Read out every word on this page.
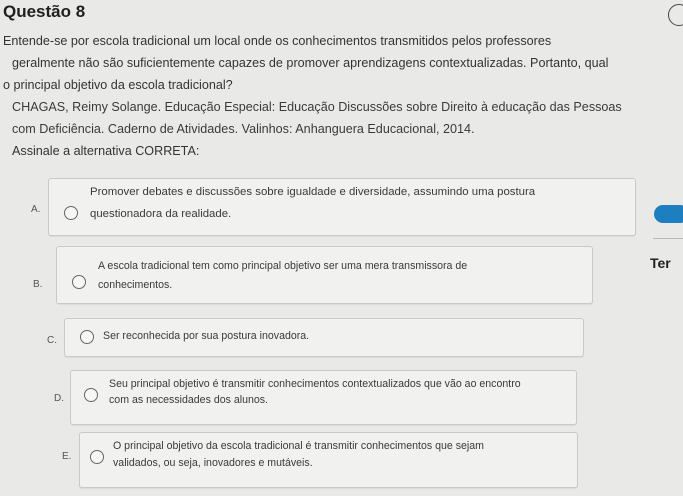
Questão 8

Entende-se por escola tradicional um local onde os conhecimentos transmitidos pelos professores

geralmente não são suficientemente capazes de promover aprendizagens contextualizadas. Portanto, qual

o principal objetivo da escola tradicional?

CHAGAS, Reimy Solange. Educação Especial: Educação Discussões sobre Direito à educação das Pessoas

com Deficiência. Caderno de Atividades. Valinhos: Anhanguera Educacional, 2014.

Assinale a alternativa CORRETA:

A.
Promover debates e discussões sobre igualdade e diversidade, assumindo uma postura
questionadora da realidade.
B.
A escola tradicional tem como principal objetivo ser uma mera transmissora de
conhecimentos.
C.	Ser reconhecida por sua postura inovadora.
D.
Seu principal objetivo é transmitir conhecimentos contextualizados que vão ao encontro
com as necessidades dos alunos.
E.
O principal objetivo da escola tradicional é transmitir conhecimentos que sejam
validados, ou seja, inovadores e mutáveis.
Ter
